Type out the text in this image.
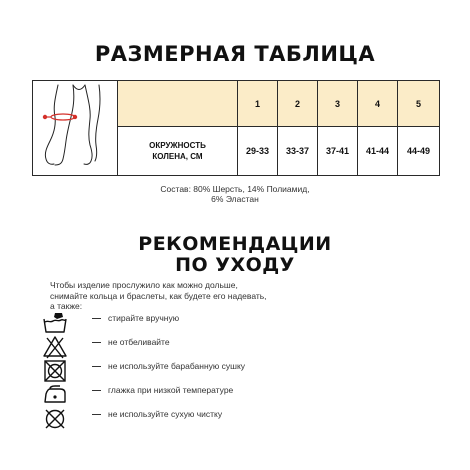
РАЗМЕРНАЯ ТАБЛИЦА
		1	2	3	4	5

	ОКРУЖНОСТЬ
КОЛЕНА, СМ	29-33	33-37	37-41	41-44	44-49
Состав: 80% Шерсть, 14% Полиамид,
6% Эластан
РЕКОМЕНДАЦИИ
ПО УХОДУ
Чтобы изделие прослужило как можно дольше,
снимайте кольца и браслеты, как будете его надевать,
а также:
стирайте вручную
не отбеливайте
не используйте барабанную сушку
глажка при низкой температуре
не используйте сухую чистку
